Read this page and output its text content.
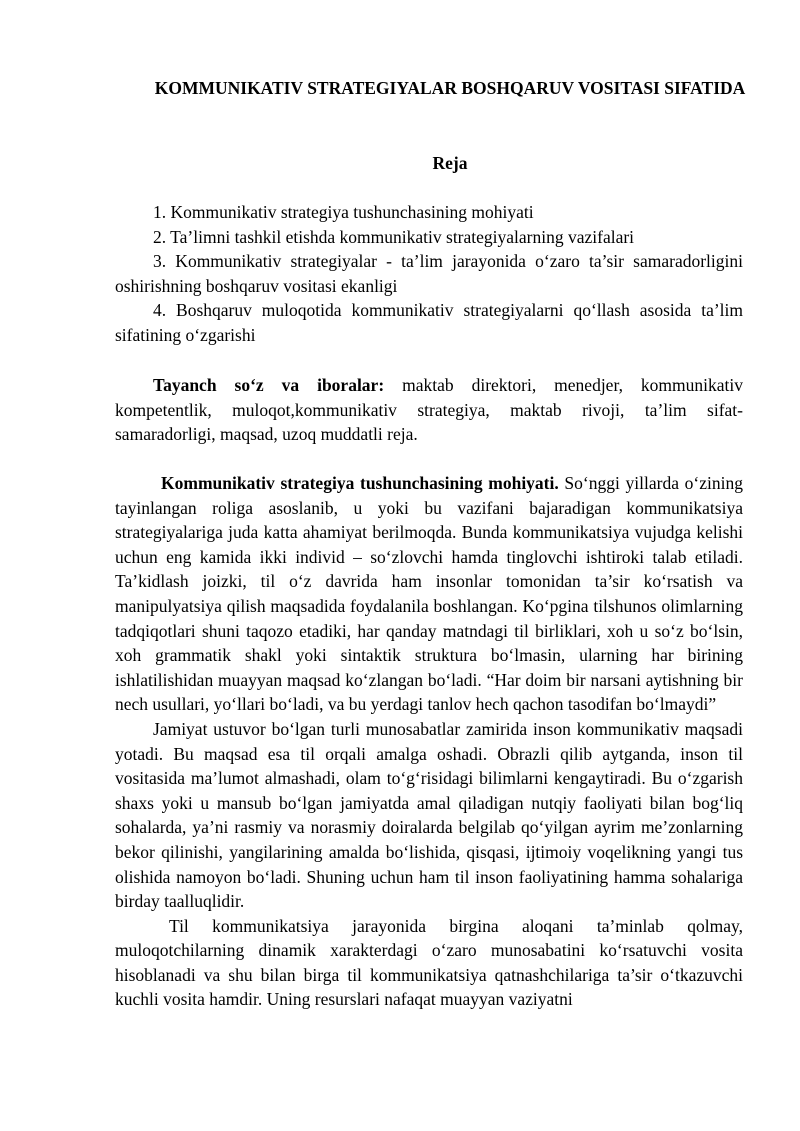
KOMMUNIKATIV STRATEGIYALAR BOSHQARUV VOSITASI SIFATIDA
Reja

1. Kommunikativ strategiya tushunchasining mohiyati

2. Ta’limni tashkil etishda kommunikativ strategiyalarning vazifalari

3. Kommunikativ strategiyalar - ta’lim jarayonida o‘zaro ta’sir samaradorligini oshirishning boshqaruv vositasi ekanligi

4. Boshqaruv muloqotida kommunikativ strategiyalarni qo‘llash asosida ta’lim sifatining o‘zgarishi

Tayanch so‘z va iboralar: maktab direktori, menedjer, kommunikativ kompetentlik, muloqot,kommunikativ strategiya, maktab rivoji, ta’lim sifat-samaradorligi, maqsad, uzoq muddatli reja.

Kommunikativ strategiya tushunchasining mohiyati. So‘nggi yillarda o‘zining tayinlangan roliga asoslanib, u yoki bu vazifani bajaradigan kommunikatsiya strategiyalariga juda katta ahamiyat berilmoqda. Bunda kommunikatsiya vujudga kelishi uchun eng kamida ikki individ – so‘zlovchi hamda tinglovchi ishtiroki talab etiladi. Ta’kidlash joizki, til o‘z davrida ham insonlar tomonidan ta’sir ko‘rsatish va manipulyatsiya qilish maqsadida foydalanila boshlangan. Ko‘pgina tilshunos olimlarning tadqiqotlari shuni taqozo etadiki, har qanday matndagi til birliklari, xoh u so‘z bo‘lsin, xoh grammatik shakl yoki sintaktik struktura bo‘lmasin, ularning har birining ishlatilishidan muayyan maqsad ko‘zlangan bo‘ladi. “Har doim bir narsani aytishning bir nech usullari, yo‘llari bo‘ladi, va bu yerdagi tanlov hech qachon tasodifan bo‘lmaydi”

Jamiyat ustuvor bo‘lgan turli munosabatlar zamirida inson kommunikativ maqsadi yotadi. Bu maqsad esa til orqali amalga oshadi. Obrazli qilib aytganda, inson til vositasida ma’lumot almashadi, olam to‘g‘risidagi bilimlarni kengaytiradi. Bu o‘zgarish shaxs yoki u mansub bo‘lgan jamiyatda amal qiladigan nutqiy faoliyati bilan bog‘liq sohalarda, ya’ni rasmiy va norasmiy doiralarda belgilab qo‘yilgan ayrim me’zonlarning bekor qilinishi, yangilarining amalda bo‘lishida, qisqasi, ijtimoiy voqelikning yangi tus olishida namoyon bo‘ladi. Shuning uchun ham til inson faoliyatining hamma sohalariga birday taalluqlidir.

Til kommunikatsiya jarayonida birgina aloqani ta’minlab qolmay, muloqotchilarning dinamik xarakterdagi o‘zaro munosabatini ko‘rsatuvchi vosita hisoblanadi va shu bilan birga til kommunikatsiya qatnashchilariga ta’sir o‘tkazuvchi kuchli vosita hamdir. Uning resurslari nafaqat muayyan vaziyatni
